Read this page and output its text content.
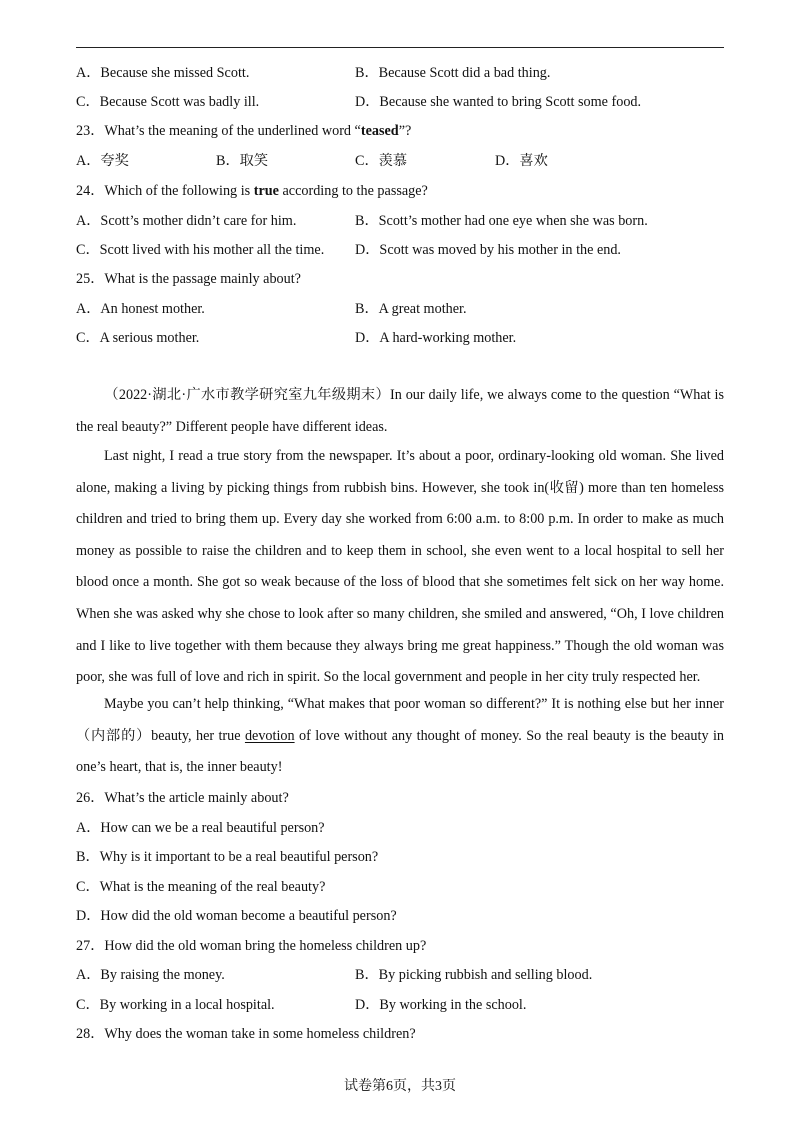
A．Because she missed Scott.	B．Because Scott did a bad thing.
C．Because Scott was badly ill.	D．Because she wanted to bring Scott some food.
23．What’s the meaning of the underlined word “teased”?
A．夸奖	B．取笑	C．羡慕	D．喜欢
24．Which of the following is true according to the passage?
A．Scott’s mother didn’t care for him.	B．Scott’s mother had one eye when she was born.
C．Scott lived with his mother all the time. D．Scott was moved by his mother in the end.
25．What is the passage mainly about?
A．An honest mother.	B．A great mother.
C．A serious mother.	D．A hard-working mother.
（2022·湖北·广水市教学研究室九年级期末）In our daily life, we always come to the question “What is the real beauty?” Different people have different ideas.
Last night, I read a true story from the newspaper. It’s about a poor, ordinary-looking old woman. She lived alone, making a living by picking things from rubbish bins. However, she took in(收留) more than ten homeless children and tried to bring them up. Every day she worked from 6:00 a.m. to 8:00 p.m. In order to make as much money as possible to raise the children and to keep them in school, she even went to a local hospital to sell her blood once a month. She got so weak because of the loss of blood that she sometimes felt sick on her way home. When she was asked why she chose to look after so many children, she smiled and answered, “Oh, I love children and I like to live together with them because they always bring me great happiness.” Though the old woman was poor, she was full of love and rich in spirit. So the local government and people in her city truly respected her.
Maybe you can’t help thinking, “What makes that poor woman so different?” It is nothing else but her inner（内部的）beauty, her true devotion of love without any thought of money. So the real beauty is the beauty in one’s heart, that is, the inner beauty!
26．What’s the article mainly about?
A．How can we be a real beautiful person?
B．Why is it important to be a real beautiful person?
C．What is the meaning of the real beauty?
D．How did the old woman become a beautiful person?
27．How did the old woman bring the homeless children up?
A．By raising the money.	B．By picking rubbish and selling blood.
C．By working in a local hospital.	D．By working in the school.
28．Why does the woman take in some homeless children?
试卷第6页，共3页
